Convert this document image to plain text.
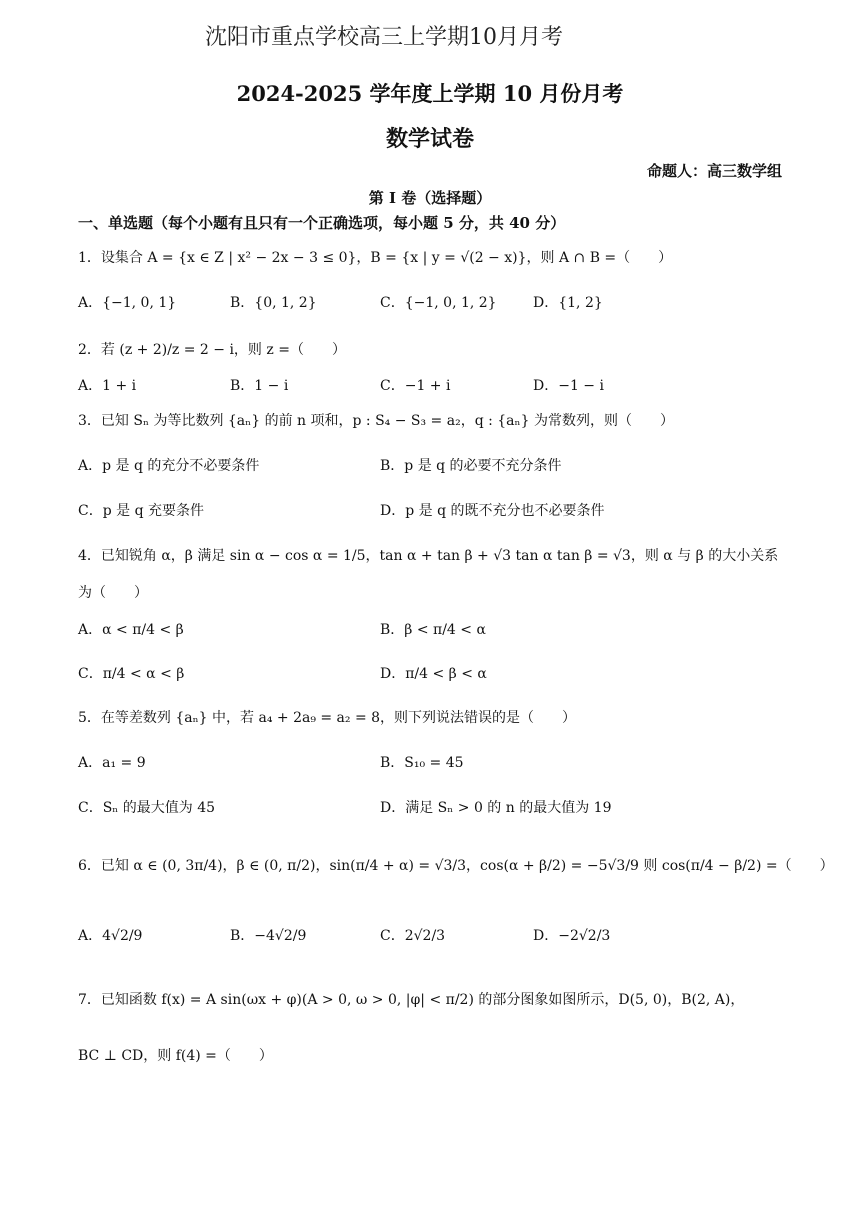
沈阳市重点学校高三上学期10月月考
2024-2025 学年度上学期 10 月份月考
数学试卷
命题人：高三数学组
第 I 卷（选择题）
一、单选题（每个小题有且只有一个正确选项，每小题 5 分，共 40 分）
1．设集合 A = {x ∈ Z | x² − 2x − 3 ≤ 0}，B = {x | y = √(2 − x)}，则 A ∩ B =（　　）
A．{−1, 0, 1}	B．{0, 1, 2}	C．{−1, 0, 1, 2}	D．{1, 2}
2．若 (z + 2)/z = 2 − i，则 z =（　　）
A．1 + i	B．1 − i	C．−1 + i	D．−1 − i
3．已知 Sₙ 为等比数列 {aₙ} 的前 n 项和，p : S₄ − S₃ = a₂，q : {aₙ} 为常数列，则（　　）
A．p 是 q 的充分不必要条件	B．p 是 q 的必要不充分条件
C．p 是 q 充要条件	D．p 是 q 的既不充分也不必要条件
4．已知锐角 α，β 满足 sin α − cos α = 1/5，tan α + tan β + √3 tan α tan β = √3，则 α 与 β 的大小关系
为（　　）
A．α < π/4 < β	B．β < π/4 < α
C．π/4 < α < β	D．π/4 < β < α
5．在等差数列 {aₙ} 中，若 a₄ + 2a₉ = a₂ = 8，则下列说法错误的是（　　）
A．a₁ = 9	B．S₁₀ = 45
C．Sₙ 的最大值为 45	D．满足 Sₙ > 0 的 n 的最大值为 19
6．已知 α ∈ (0, 3π/4)，β ∈ (0, π/2)，sin(π/4 + α) = √3/3，cos(α + β/2) = −5√3/9 则 cos(π/4 − β/2) =（　　）
A．4√2/9	B．−4√2/9	C．2√2/3	D．−2√2/3
7．已知函数 f(x) = A sin(ωx + φ)(A > 0, ω > 0, |φ| < π/2) 的部分图象如图所示，D(5, 0)，B(2, A)，
BC ⊥ CD，则 f(4) =（　　）
